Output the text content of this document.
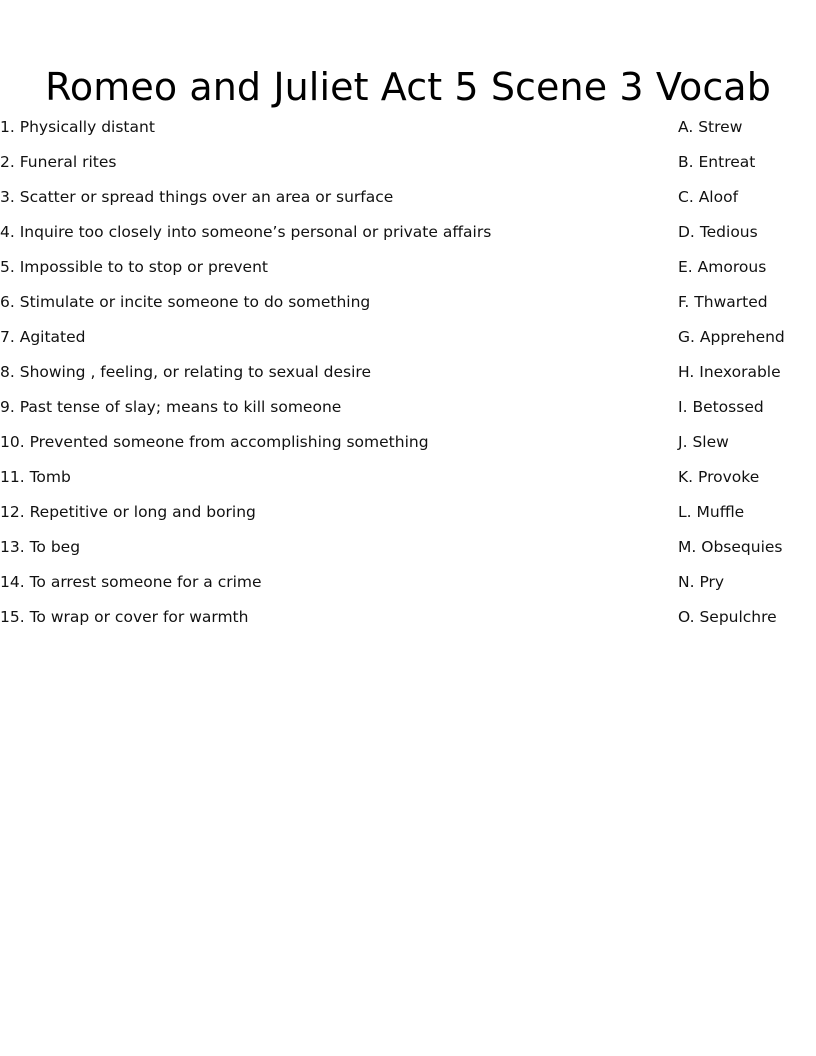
Romeo and Juliet Act 5 Scene 3 Vocab
1. Physically distant
2. Funeral rites
3. Scatter or spread things over an area or surface
4. Inquire too closely into someone’s personal or private affairs
5. Impossible to to stop or prevent
6. Stimulate or incite someone to do something
7. Agitated
8. Showing , feeling, or relating to sexual desire
9. Past tense of slay; means to kill someone
10. Prevented someone from accomplishing something
11. Tomb
12. Repetitive or long and boring
13. To beg
14. To arrest someone for a crime
15. To wrap or cover for warmth
A. Strew
B. Entreat
C. Aloof
D. Tedious
E. Amorous
F. Thwarted
G. Apprehend
H. Inexorable
I. Betossed
J. Slew
K. Provoke
L. Muffle
M. Obsequies
N. Pry
O. Sepulchre
